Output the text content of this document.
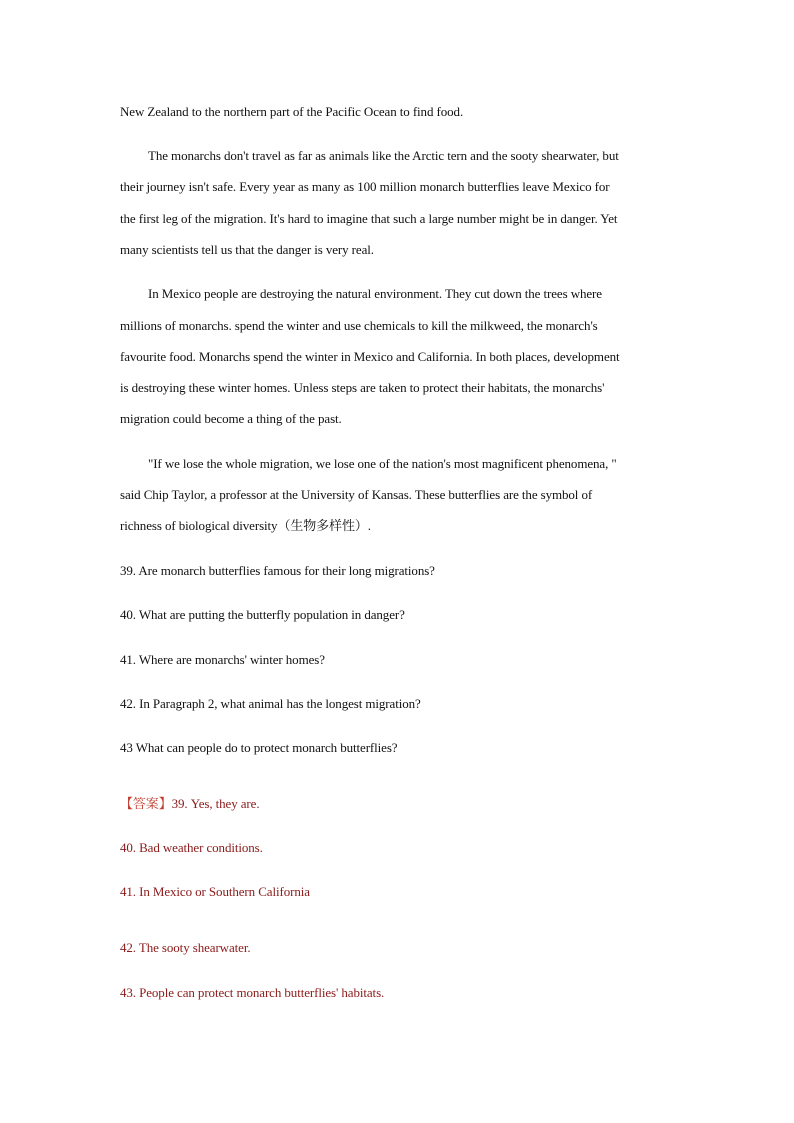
New Zealand to the northern part of the Pacific Ocean to find food.
The monarchs don't travel as far as animals like the Arctic tern and the sooty shearwater, but
their journey isn't safe. Every year as many as 100 million monarch butterflies leave Mexico for
the first leg of the migration. It's hard to imagine that such a large number might be in danger. Yet
many scientists tell us that the danger is very real.
In Mexico people are destroying the natural environment. They cut down the trees where
millions of monarchs. spend the winter and use chemicals to kill the milkweed, the monarch's
favourite food. Monarchs spend the winter in Mexico and California. In both places, development
is destroying these winter homes. Unless steps are taken to protect their habitats, the monarchs'
migration could become a thing of the past.
"If we lose the whole migration, we lose one of the nation's most magnificent phenomena, "
said Chip Taylor, a professor at the University of Kansas. These butterflies are the symbol of
richness of biological diversity（生物多样性）.
39. Are monarch butterflies famous for their long migrations?
40. What are putting the butterfly population in danger?
41. Where are monarchs' winter homes?
42. In Paragraph 2, what animal has the longest migration?
43 What can people do to protect monarch butterflies?
【答案】39. Yes, they are.
40. Bad weather conditions.
41. In Mexico or Southern California
42. The sooty shearwater.
43. People can protect monarch butterflies' habitats.
